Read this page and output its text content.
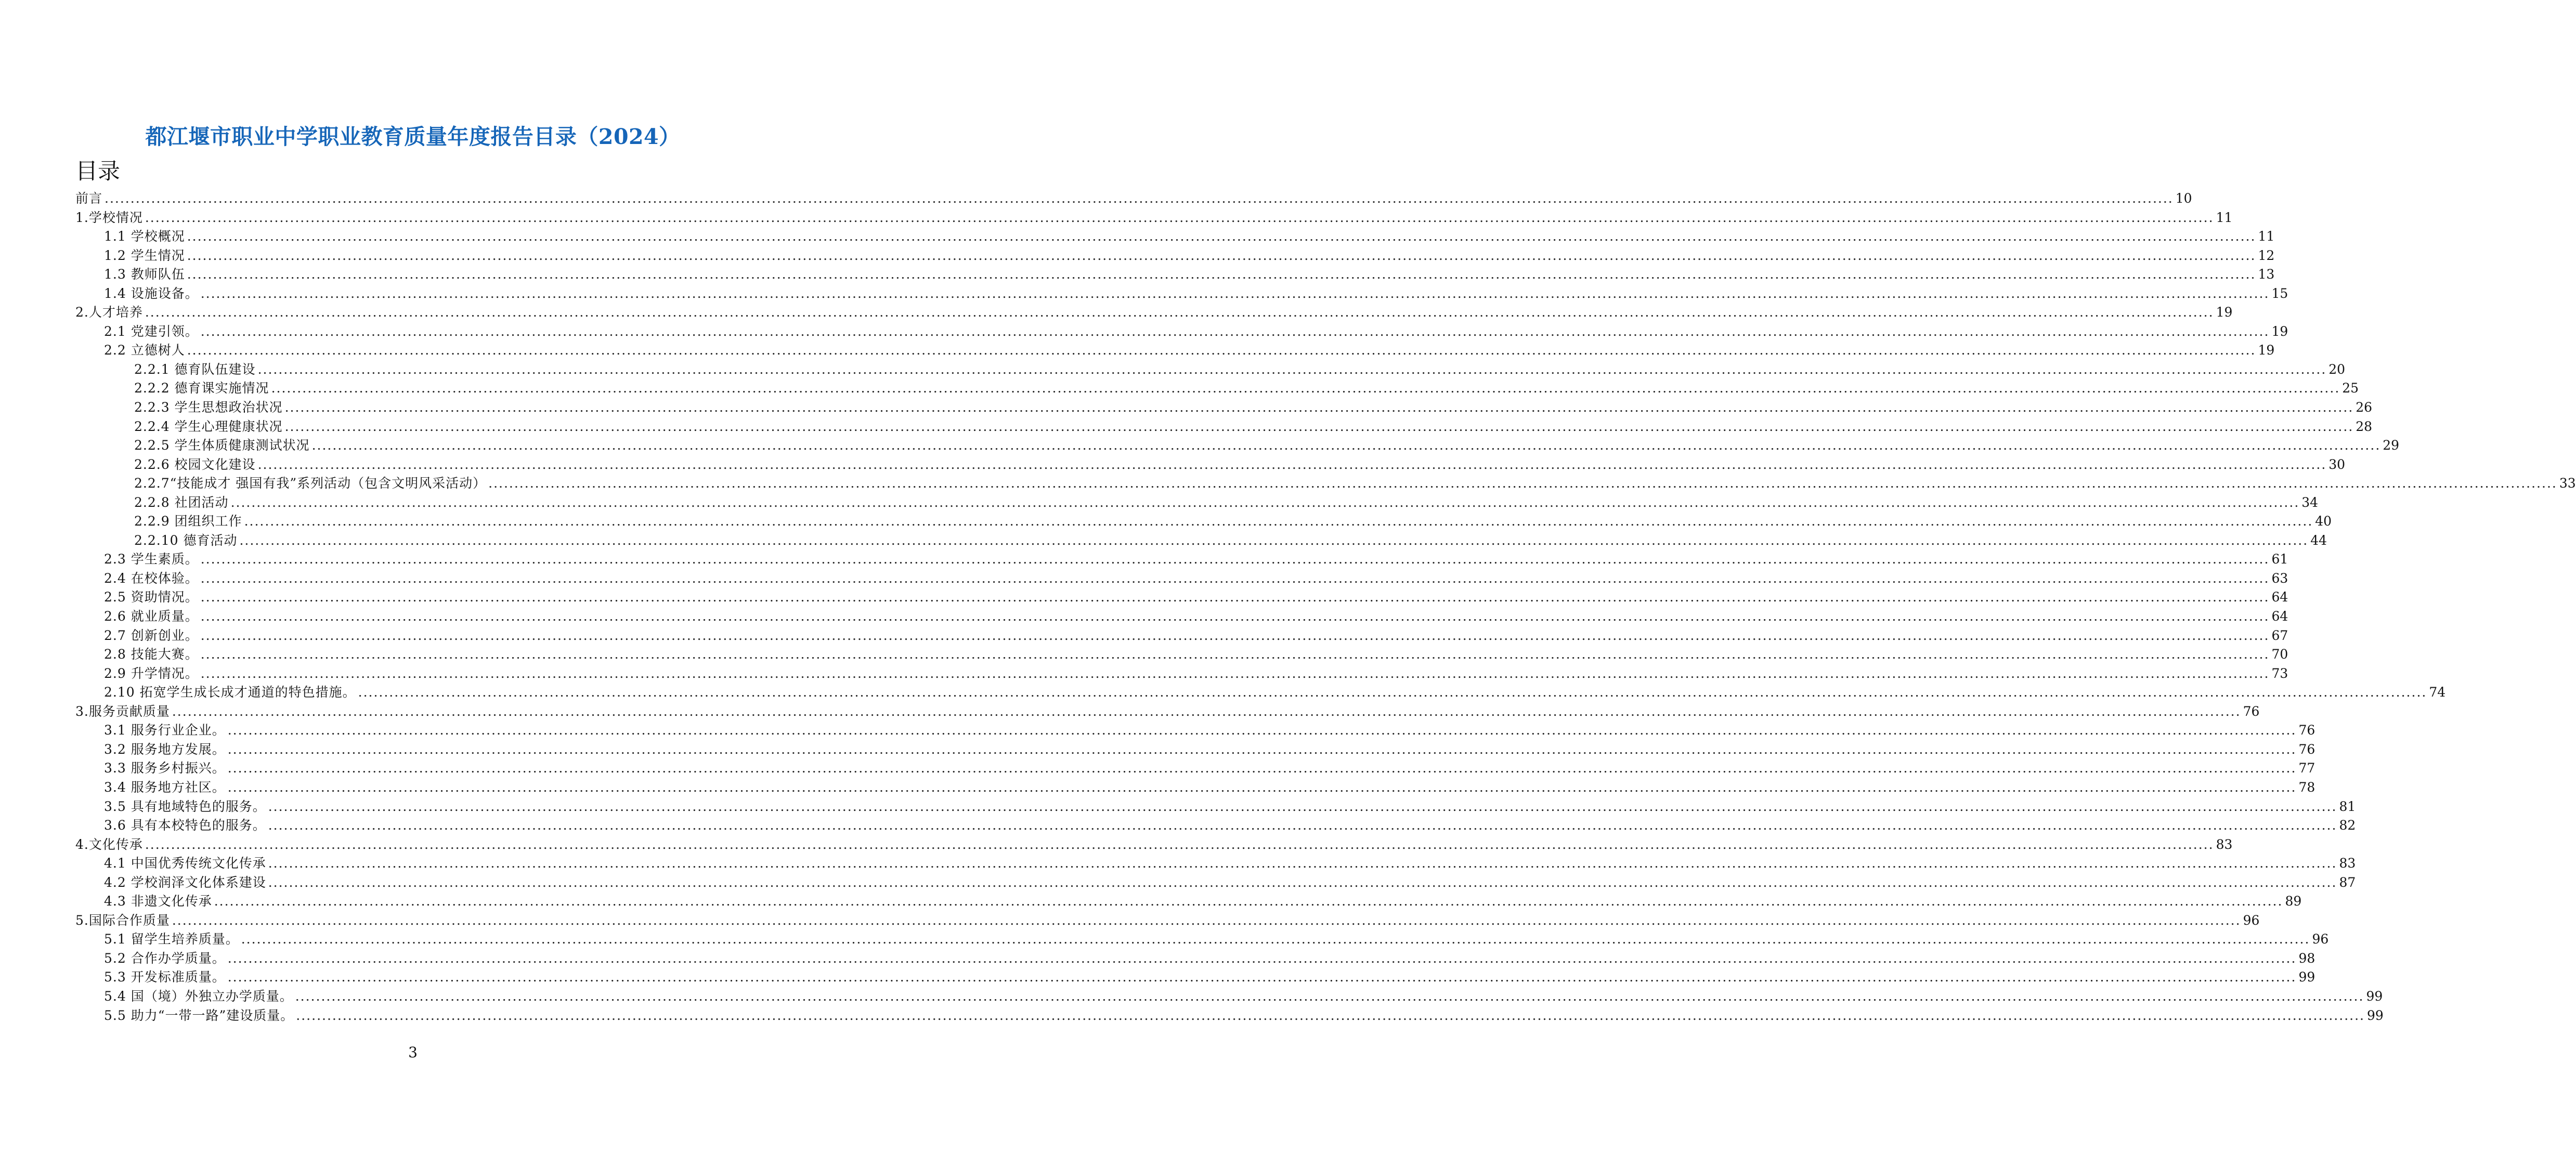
都江堰市职业中学职业教育质量年度报告目录（2024）
目录
前言 ................................................................................................................................................................................................................................................................................................................................................................................................................ 10
1.学校情况 ................................................................................................................................................................................................................................................................................................................................................................................................................ 11
1.1 学校概况 ................................................................................................................................................................................................................................................................................................................................................................................................................ 11
1.2 学生情况 ................................................................................................................................................................................................................................................................................................................................................................................................................ 12
1.3 教师队伍 ................................................................................................................................................................................................................................................................................................................................................................................................................ 13
1.4 设施设备。 ................................................................................................................................................................................................................................................................................................................................................................................................................ 15
2.人才培养 ................................................................................................................................................................................................................................................................................................................................................................................................................ 19
2.1 党建引领。 ................................................................................................................................................................................................................................................................................................................................................................................................................ 19
2.2 立德树人 ................................................................................................................................................................................................................................................................................................................................................................................................................ 19
2.2.1 德育队伍建设 ................................................................................................................................................................................................................................................................................................................................................................................................................ 20
2.2.2 德育课实施情况 ................................................................................................................................................................................................................................................................................................................................................................................................................ 25
2.2.3 学生思想政治状况 ................................................................................................................................................................................................................................................................................................................................................................................................................ 26
2.2.4 学生心理健康状况 ................................................................................................................................................................................................................................................................................................................................................................................................................ 28
2.2.5 学生体质健康测试状况 ................................................................................................................................................................................................................................................................................................................................................................................................................ 29
2.2.6 校园文化建设 ................................................................................................................................................................................................................................................................................................................................................................................................................ 30
2.2.7“技能成才 强国有我”系列活动（包含文明风采活动） ................................................................................................................................................................................................................................................................................................................................................................................................................ 33
2.2.8 社团活动 ................................................................................................................................................................................................................................................................................................................................................................................................................ 34
2.2.9 团组织工作 ................................................................................................................................................................................................................................................................................................................................................................................................................ 40
2.2.10 德育活动 ................................................................................................................................................................................................................................................................................................................................................................................................................ 44
2.3 学生素质。 ................................................................................................................................................................................................................................................................................................................................................................................................................ 61
2.4 在校体验。 ................................................................................................................................................................................................................................................................................................................................................................................................................ 63
2.5 资助情况。 ................................................................................................................................................................................................................................................................................................................................................................................................................ 64
2.6 就业质量。 ................................................................................................................................................................................................................................................................................................................................................................................................................ 64
2.7 创新创业。 ................................................................................................................................................................................................................................................................................................................................................................................................................ 67
2.8 技能大赛。 ................................................................................................................................................................................................................................................................................................................................................................................................................ 70
2.9 升学情况。 ................................................................................................................................................................................................................................................................................................................................................................................................................ 73
2.10 拓宽学生成长成才通道的特色措施。 ................................................................................................................................................................................................................................................................................................................................................................................................................ 74
3.服务贡献质量 ................................................................................................................................................................................................................................................................................................................................................................................................................ 76
3.1 服务行业企业。 ................................................................................................................................................................................................................................................................................................................................................................................................................ 76
3.2 服务地方发展。 ................................................................................................................................................................................................................................................................................................................................................................................................................ 76
3.3 服务乡村振兴。 ................................................................................................................................................................................................................................................................................................................................................................................................................ 77
3.4 服务地方社区。 ................................................................................................................................................................................................................................................................................................................................................................................................................ 78
3.5 具有地域特色的服务。 ................................................................................................................................................................................................................................................................................................................................................................................................................ 81
3.6 具有本校特色的服务。 ................................................................................................................................................................................................................................................................................................................................................................................................................ 82
4.文化传承 ................................................................................................................................................................................................................................................................................................................................................................................................................ 83
4.1 中国优秀传统文化传承 ................................................................................................................................................................................................................................................................................................................................................................................................................ 83
4.2 学校润泽文化体系建设 ................................................................................................................................................................................................................................................................................................................................................................................................................ 87
4.3 非遗文化传承 ................................................................................................................................................................................................................................................................................................................................................................................................................ 89
5.国际合作质量 ................................................................................................................................................................................................................................................................................................................................................................................................................ 96
5.1 留学生培养质量。 ................................................................................................................................................................................................................................................................................................................................................................................................................ 96
5.2 合作办学质量。 ................................................................................................................................................................................................................................................................................................................................................................................................................ 98
5.3 开发标准质量。 ................................................................................................................................................................................................................................................................................................................................................................................................................ 99
5.4 国（境）外独立办学质量。 ................................................................................................................................................................................................................................................................................................................................................................................................................ 99
5.5 助力“一带一路”建设质量。 ................................................................................................................................................................................................................................................................................................................................................................................................................ 99
3
